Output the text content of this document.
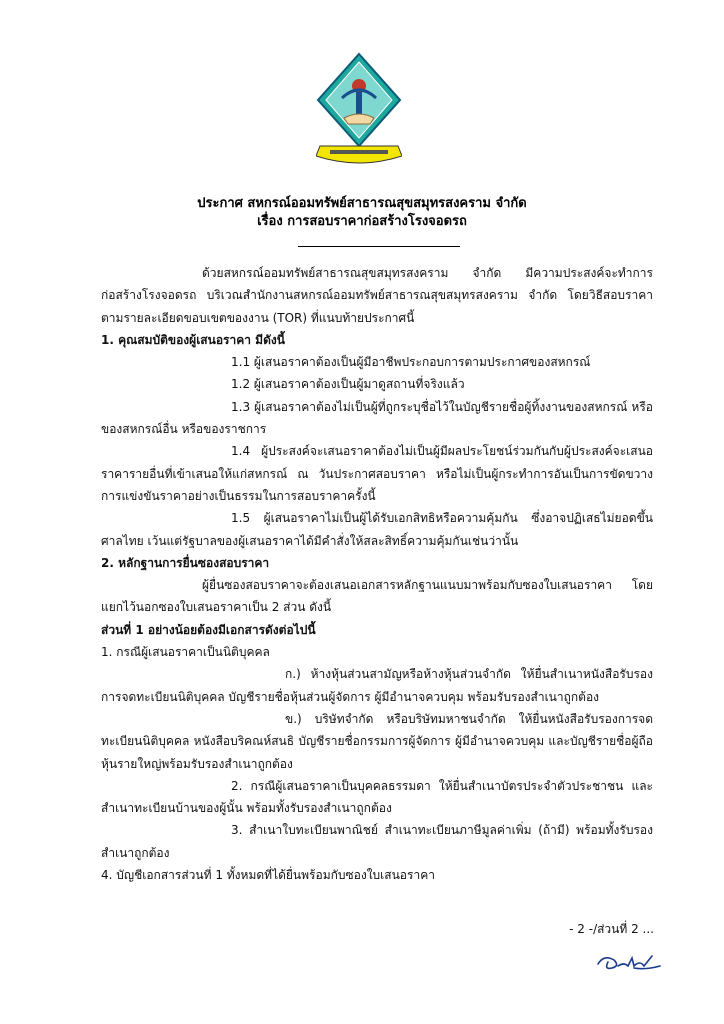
ประกาศ สหกรณ์ออมทรัพย์สาธารณสุขสมุทรสงคราม จำกัด
เรื่อง การสอบราคาก่อสร้างโรงจอดรถ

ด้วยสหกรณ์ออมทรัพย์สาธารณสุขสมุทรสงคราม จำกัด มีความประสงค์จะทำการก่อสร้างโรงจอดรถ บริเวณสำนักงานสหกรณ์ออมทรัพย์สาธารณสุขสมุทรสงคราม จำกัด โดยวิธีสอบราคาตามรายละเอียดขอบเขตของงาน (TOR) ที่แนบท้ายประกาศนี้

1. คุณสมบัติของผู้เสนอราคา มีดังนี้

1.1 ผู้เสนอราคาต้องเป็นผู้มีอาชีพประกอบการตามประกาศของสหกรณ์

1.2 ผู้เสนอราคาต้องเป็นผู้มาดูสถานที่จริงแล้ว

1.3 ผู้เสนอราคาต้องไม่เป็นผู้ที่ถูกระบุชื่อไว้ในบัญชีรายชื่อผู้ทิ้งงานของสหกรณ์ หรือของสหกรณ์อื่น หรือของราชการ

1.4 ผู้ประสงค์จะเสนอราคาต้องไม่เป็นผู้มีผลประโยชน์ร่วมกันกับผู้ประสงค์จะเสนอราคารายอื่นที่เข้าเสนอให้แก่สหกรณ์ ณ วันประกาศสอบราคา หรือไม่เป็นผู้กระทำการอันเป็นการขัดขวางการแข่งขันราคาอย่างเป็นธรรมในการสอบราคาครั้งนี้

1.5 ผู้เสนอราคาไม่เป็นผู้ได้รับเอกสิทธิหรือความคุ้มกัน ซึ่งอาจปฏิเสธไม่ยอดขึ้นศาลไทย เว้นแต่รัฐบาลของผู้เสนอราคาได้มีคำสั่งให้สละสิทธิ์ความคุ้มกันเช่นว่านั้น

2. หลักฐานการยื่นซองสอบราคา

ผู้ยื่นซองสอบราคาจะต้องเสนอเอกสารหลักฐานแนบมาพร้อมกับซองใบเสนอราคา โดยแยกไว้นอกซองใบเสนอราคาเป็น 2 ส่วน ดังนี้

ส่วนที่ 1 อย่างน้อยต้องมีเอกสารดังต่อไปนี้

1. กรณีผู้เสนอราคาเป็นนิติบุคคล

ก.) ห้างหุ้นส่วนสามัญหรือห้างหุ้นส่วนจำกัด ให้ยื่นสำเนาหนังสือรับรองการจดทะเบียนนิติบุคคล บัญชีรายชื่อหุ้นส่วนผู้จัดการ ผู้มีอำนาจควบคุม พร้อมรับรองสำเนาถูกต้อง

ข.) บริษัทจำกัด หรือบริษัทมหาชนจำกัด ให้ยื่นหนังสือรับรองการจดทะเบียนนิติบุคคล หนังสือบริคณห์สนธิ บัญชีรายชื่อกรรมการผู้จัดการ ผู้มีอำนาจควบคุม และบัญชีรายชื่อผู้ถือหุ้นรายใหญ่พร้อมรับรองสำเนาถูกต้อง

2. กรณีผู้เสนอราคาเป็นบุคคลธรรมดา ให้ยื่นสำเนาบัตรประจำตัวประชาชน และสำเนาทะเบียนบ้านของผู้นั้น พร้อมทั้งรับรองสำเนาถูกต้อง

3. สำเนาใบทะเบียนพาณิชย์ สำเนาทะเบียนภาษีมูลค่าเพิ่ม (ถ้ามี) พร้อมทั้งรับรองสำเนาถูกต้อง

4. บัญชีเอกสารส่วนที่ 1 ทั้งหมดที่ได้ยื่นพร้อมกับซองใบเสนอราคา

- 2 -/ส่วนที่ 2 ...
